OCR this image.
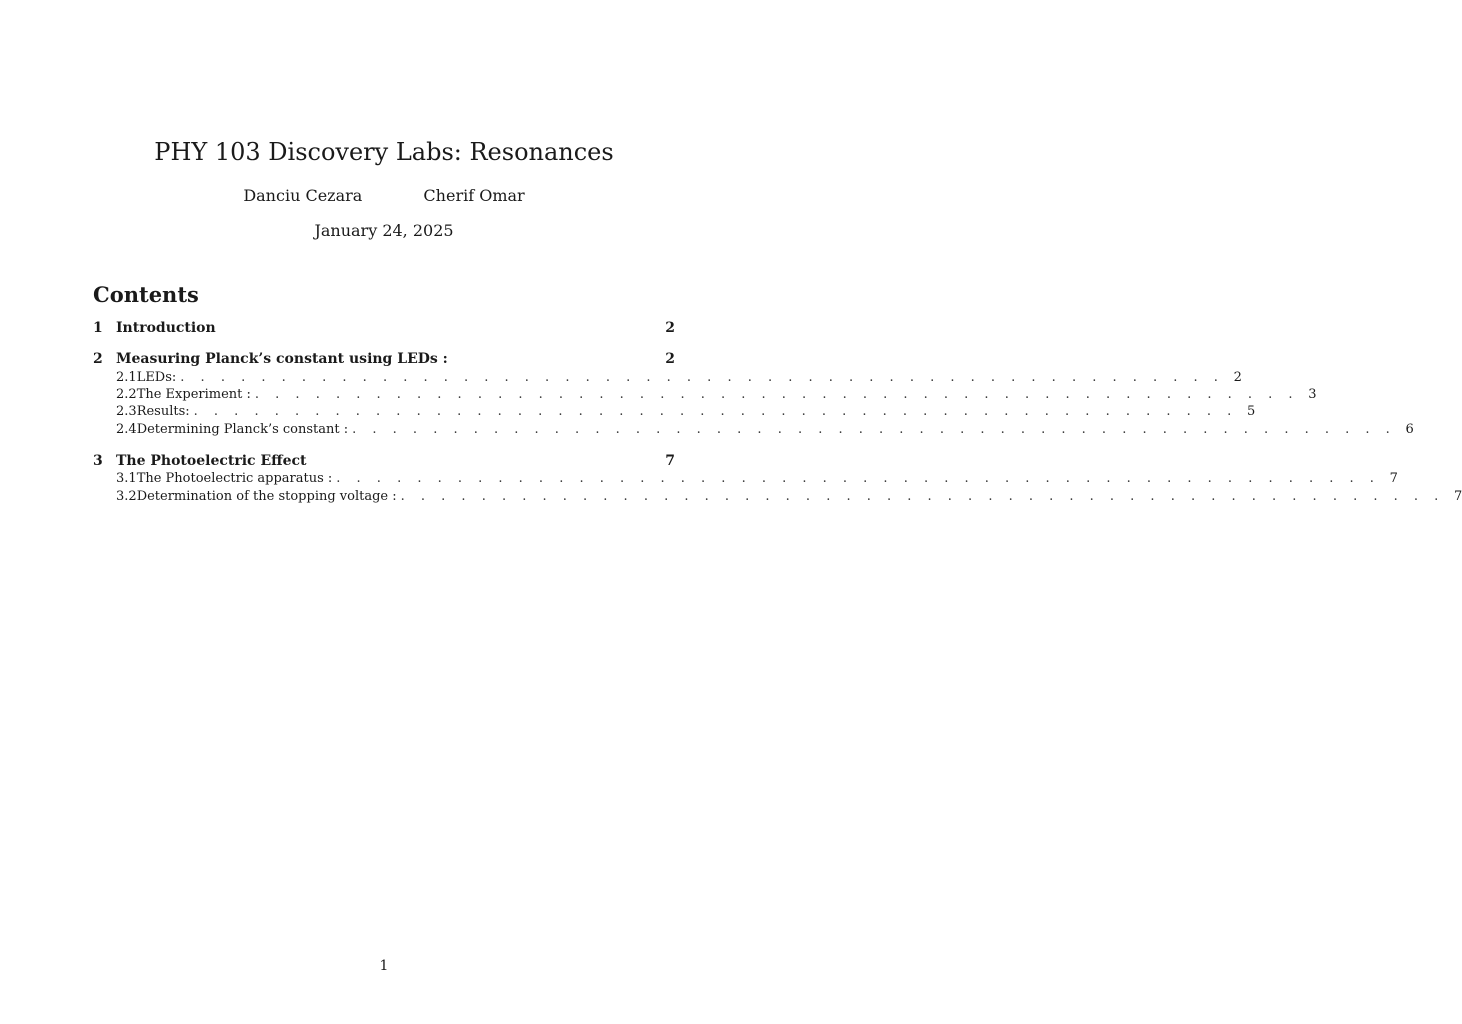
PHY 103 Discovery Labs: Resonances
Danciu Cezara	Cherif Omar
January 24, 2025
Contents
1 Introduction	2
2 Measuring Planck’s constant using LEDs :	2
2.1 LEDs: . . . . . . . . . . . . . . . . . . . . . . . . . . . . . . . . . . . . . . . . . . . . . . . . . . . . 2
2.2 The Experiment : . . . . . . . . . . . . . . . . . . . . . . . . . . . . . . . . . . . . . . . . . . . . . . . . . . . . 3
2.3 Results: . . . . . . . . . . . . . . . . . . . . . . . . . . . . . . . . . . . . . . . . . . . . . . . . . . . . 5
2.4 Determining Planck’s constant : . . . . . . . . . . . . . . . . . . . . . . . . . . . . . . . . . . . . . . . . . . . . . . . . . . . . 6
3 The Photoelectric Effect	7
3.1 The Photoelectric apparatus : . . . . . . . . . . . . . . . . . . . . . . . . . . . . . . . . . . . . . . . . . . . . . . . . . . . . 7
3.2 Determination of the stopping voltage : . . . . . . . . . . . . . . . . . . . . . . . . . . . . . . . . . . . . . . . . . . . . . . . . . . . . 7
1
